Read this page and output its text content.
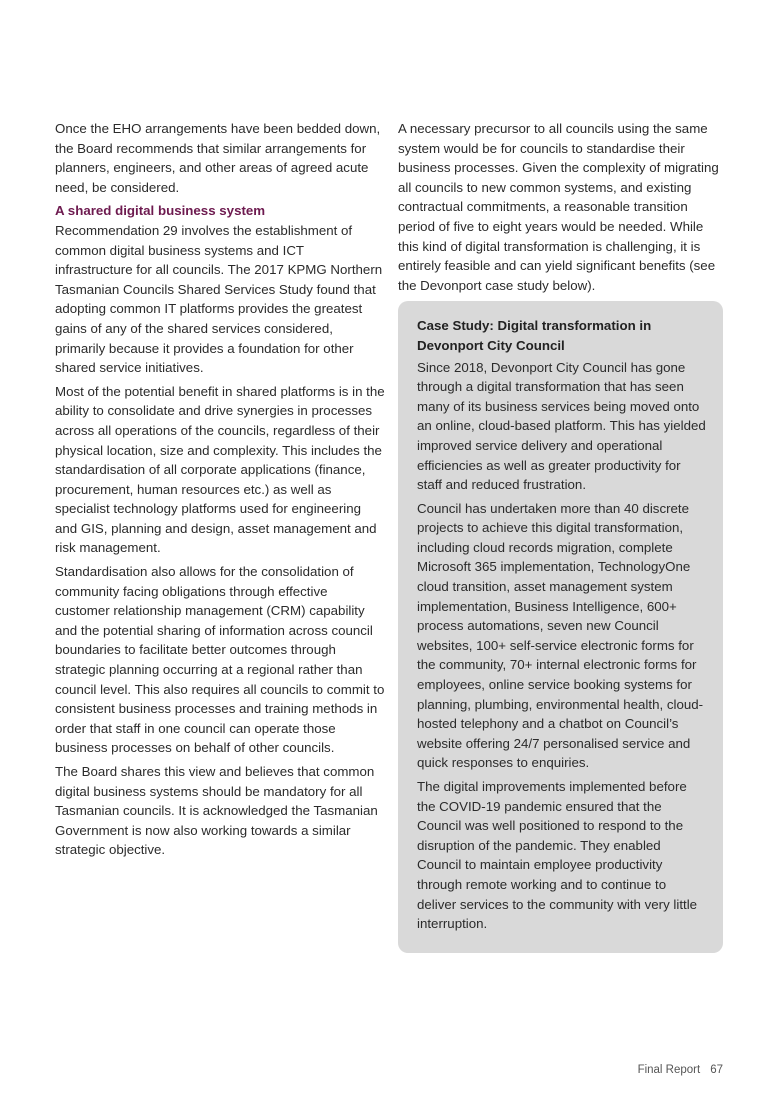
Once the EHO arrangements have been bedded down, the Board recommends that similar arrangements for planners, engineers, and other areas of agreed acute need, be considered.

A shared digital business system

Recommendation 29 involves the establishment of common digital business systems and ICT infrastructure for all councils. The 2017 KPMG Northern Tasmanian Councils Shared Services Study found that adopting common IT platforms provides the greatest gains of any of the shared services considered, primarily because it provides a foundation for other shared service initiatives.

Most of the potential benefit in shared platforms is in the ability to consolidate and drive synergies in processes across all operations of the councils, regardless of their physical location, size and complexity. This includes the standardisation of all corporate applications (finance, procurement, human resources etc.) as well as specialist technology platforms used for engineering and GIS, planning and design, asset management and risk management.

Standardisation also allows for the consolidation of community facing obligations through effective customer relationship management (CRM) capability and the potential sharing of information across council boundaries to facilitate better outcomes through strategic planning occurring at a regional rather than council level. This also requires all councils to commit to consistent business processes and training methods in order that staff in one council can operate those business processes on behalf of other councils.

The Board shares this view and believes that common digital business systems should be mandatory for all Tasmanian councils. It is acknowledged the Tasmanian Government is now also working towards a similar strategic objective.

A necessary precursor to all councils using the same system would be for councils to standardise their business processes. Given the complexity of migrating all councils to new common systems, and existing contractual commitments, a reasonable transition period of five to eight years would be needed. While this kind of digital transformation is challenging, it is entirely feasible and can yield significant benefits (see the Devonport case study below).

Case Study: Digital transformation in Devonport City Council

Since 2018, Devonport City Council has gone through a digital transformation that has seen many of its business services being moved onto an online, cloud-based platform. This has yielded improved service delivery and operational efficiencies as well as greater productivity for staff and reduced frustration.

Council has undertaken more than 40 discrete projects to achieve this digital transformation, including cloud records migration, complete Microsoft 365 implementation, TechnologyOne cloud transition, asset management system implementation, Business Intelligence, 600+ process automations, seven new Council websites, 100+ self-service electronic forms for the community, 70+ internal electronic forms for employees, online service booking systems for planning, plumbing, environmental health, cloud-hosted telephony and a chatbot on Council’s website offering 24/7 personalised service and quick responses to enquiries.

The digital improvements implemented before the COVID-19 pandemic ensured that the Council was well positioned to respond to the disruption of the pandemic. They enabled Council to maintain employee productivity through remote working and to continue to deliver services to the community with very little interruption.

Final Report 67
